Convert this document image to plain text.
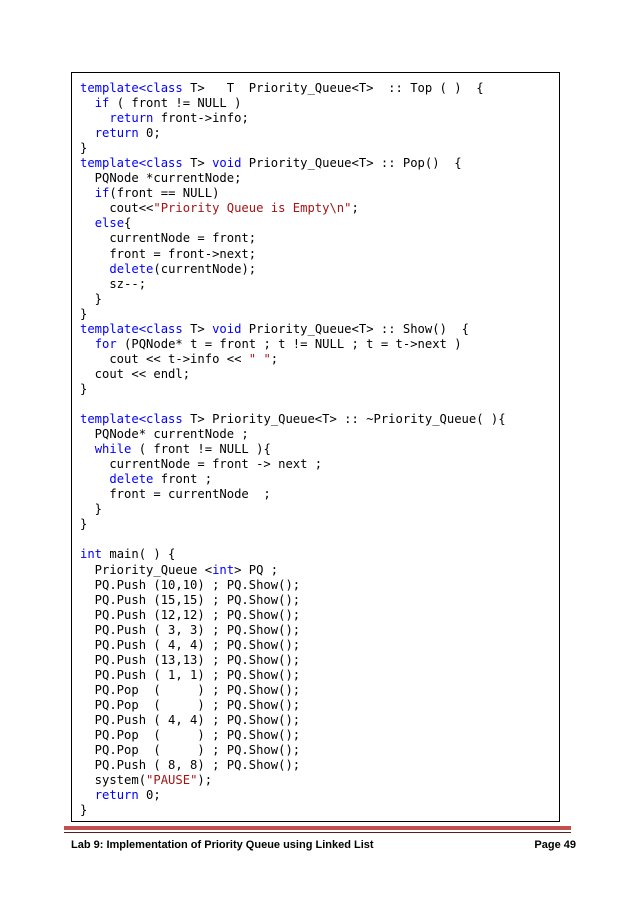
template<class T>   T  Priority_Queue<T>  :: Top ( )  {
if ( front != NULL )
return front->info;
return 0;
}
template<class T> void Priority_Queue<T> :: Pop()  {
PQNode *currentNode;
if(front == NULL)
cout<<"Priority Queue is Empty\n";
else{
currentNode = front;
front = front->next;
delete(currentNode);
sz--;
}
}
template<class T> void Priority_Queue<T> :: Show()  {
for (PQNode* t = front ; t != NULL ; t = t->next )
cout << t->info << " ";
cout << endl;
}
template<class T> Priority_Queue<T> :: ~Priority_Queue( ){
PQNode* currentNode ;
while ( front != NULL ){
currentNode = front -> next ;
delete front ;
front = currentNode  ;
}
}
int main( ) {
Priority_Queue <int> PQ ;
PQ.Push (10,10) ; PQ.Show();
PQ.Push (15,15) ; PQ.Show();
PQ.Push (12,12) ; PQ.Show();
PQ.Push ( 3, 3) ; PQ.Show();
PQ.Push ( 4, 4) ; PQ.Show();
PQ.Push (13,13) ; PQ.Show();
PQ.Push ( 1, 1) ; PQ.Show();
PQ.Pop  (     ) ; PQ.Show();
PQ.Pop  (     ) ; PQ.Show();
PQ.Push ( 4, 4) ; PQ.Show();
PQ.Pop  (     ) ; PQ.Show();
PQ.Pop  (     ) ; PQ.Show();
PQ.Push ( 8, 8) ; PQ.Show();
system("PAUSE");
return 0;
}
Lab 9: Implementation of Priority Queue using Linked List	Page 49
